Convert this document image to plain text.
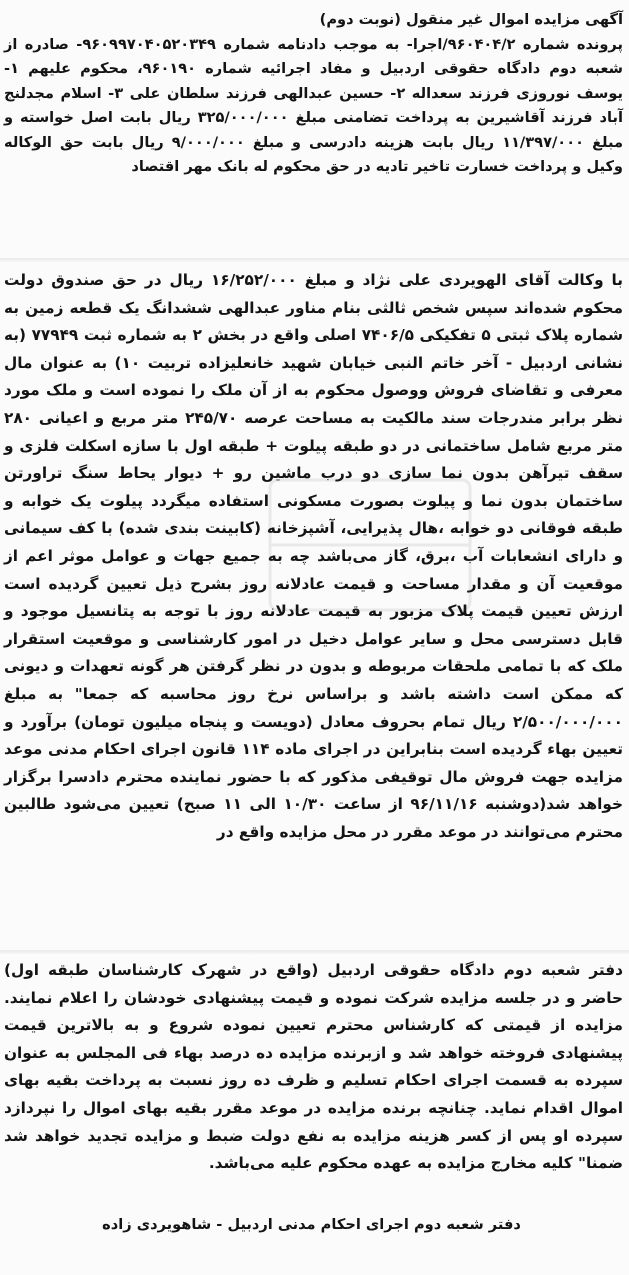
آگهی مزایده اموال غیر منقول (نوبت دوم)

پرونده شماره ۹۶۰۴۰۴/۲/اجرا- به موجب دادنامه شماره ۹۶۰۹۹۷۰۴۰۵۲۰۳۴۹- صادره از شعبه دوم دادگاه حقوقی اردبیل و مفاد اجرائیه شماره ۹۶۰۱۹۰، محکوم علیهم ۱- یوسف نوروزی فرزند سعداله ۲- حسین عبدالهی فرزند سلطان علی ۳- اسلام مجدلنج آباد فرزند آقاشیرین به پرداخت تضامنی مبلغ ۳۲۵/۰۰۰/۰۰۰ ریال بابت اصل خواسته و مبلغ ۱۱/۳۹۷/۰۰۰ ریال بابت هزینه دادرسی و مبلغ ۹/۰۰۰/۰۰۰ ریال بابت حق الوکاله وکیل و پرداخت خسارت تاخیر تادیه در حق محکوم له بانک مهر اقتصاد

با وکالت آقای الهویردی علی نژاد و مبلغ ۱۶/۲۵۲/۰۰۰ ریال در حق صندوق دولت محکوم شده‌اند سپس شخص ثالثی بنام مناور عبدالهی ششدانگ یک قطعه زمین به شماره پلاک ثبتی ۵ تفکیکی ۷۴۰۶/۵ اصلی واقع در بخش ۲ به شماره ثبت ۷۷۹۴۹ (به نشانی اردبیل - آخر خاتم النبی خیابان شهید خانعلیزاده تربیت ۱۰) به عنوان مال معرفی و تقاضای فروش ووصول محکوم به از آن ملک را نموده است و ملک مورد نظر برابر مندرجات سند مالکیت به مساحت عرصه ۲۴۵/۷۰ متر مربع و اعیانی ۲۸۰ متر مربع شامل ساختمانی در دو طبقه پیلوت + طبقه اول با سازه اسکلت فلزی و سقف تیرآهن بدون نما سازی دو درب ماشین رو + دیوار یحاط سنگ تراورتن ساختمان بدون نما و پیلوت بصورت مسکونی استفاده میگردد پیلوت یک خوابه و طبقه فوقانی دو خوابه ،هال پذیرایی، آشپزخانه (کابینت بندی شده) با کف سیمانی و دارای انشعابات آب ،برق، گاز می‌باشد چه به جمیع جهات و عوامل موثر اعم از موقعیت آن و مقدار مساحت و قیمت عادلانه روز بشرح ذیل تعیین گردیده است ارزش تعیین قیمت پلاک مزبور به قیمت عادلانه روز با توجه به پتانسیل موجود و قابل دسترسی محل و سایر عوامل دخیل در امور کارشناسی و موقعیت استقرار ملک که با تمامی ملحقات مربوطه و بدون در نظر گرفتن هر گونه تعهدات و دیونی که ممکن است داشته باشد و براساس نرخ روز محاسبه که جمعا" به مبلغ ۲/۵۰۰/۰۰۰/۰۰۰ ریال تمام بحروف معادل (دویست و پنجاه میلیون تومان) برآورد و تعیین بهاء گردیده است بنابراین در اجرای ماده ۱۱۴ قانون اجرای احکام مدنی موعد مزایده جهت فروش مال توقیفی مذکور که با حضور نماینده محترم دادسرا برگزار خواهد شد(دوشنبه ۹۶/۱۱/۱۶ از ساعت ۱۰/۳۰ الی ۱۱ صبح) تعیین می‌شود طالبین محترم می‌توانند در موعد مقرر در محل مزایده واقع در

دفتر شعبه دوم دادگاه حقوقی اردبیل (واقع در شهرک کارشناسان طبقه اول) حاضر و در جلسه مزایده شرکت نموده و قیمت پیشنهادی خودشان را اعلام نمایند. مزایده از قیمتی که کارشناس محترم تعیین نموده شروع و به بالاترین قیمت پیشنهادی فروخته خواهد شد و ازبرنده مزایده ده درصد بهاء فی المجلس به عنوان سپرده به قسمت اجرای احکام تسلیم و ظرف ده روز نسبت به پرداخت بقیه بهای اموال اقدام نماید. چنانچه برنده مزایده در موعد مقرر بقیه بهای اموال را نپردازد سپرده او پس از کسر هزینه مزایده به نفع دولت ضبط و مزایده تجدید خواهد شد ضمنا" کلیه مخارج مزایده به عهده محکوم علیه می‌باشد.

دفتر شعبه دوم اجرای احکام مدنی اردبیل - شاهویردی زاده
